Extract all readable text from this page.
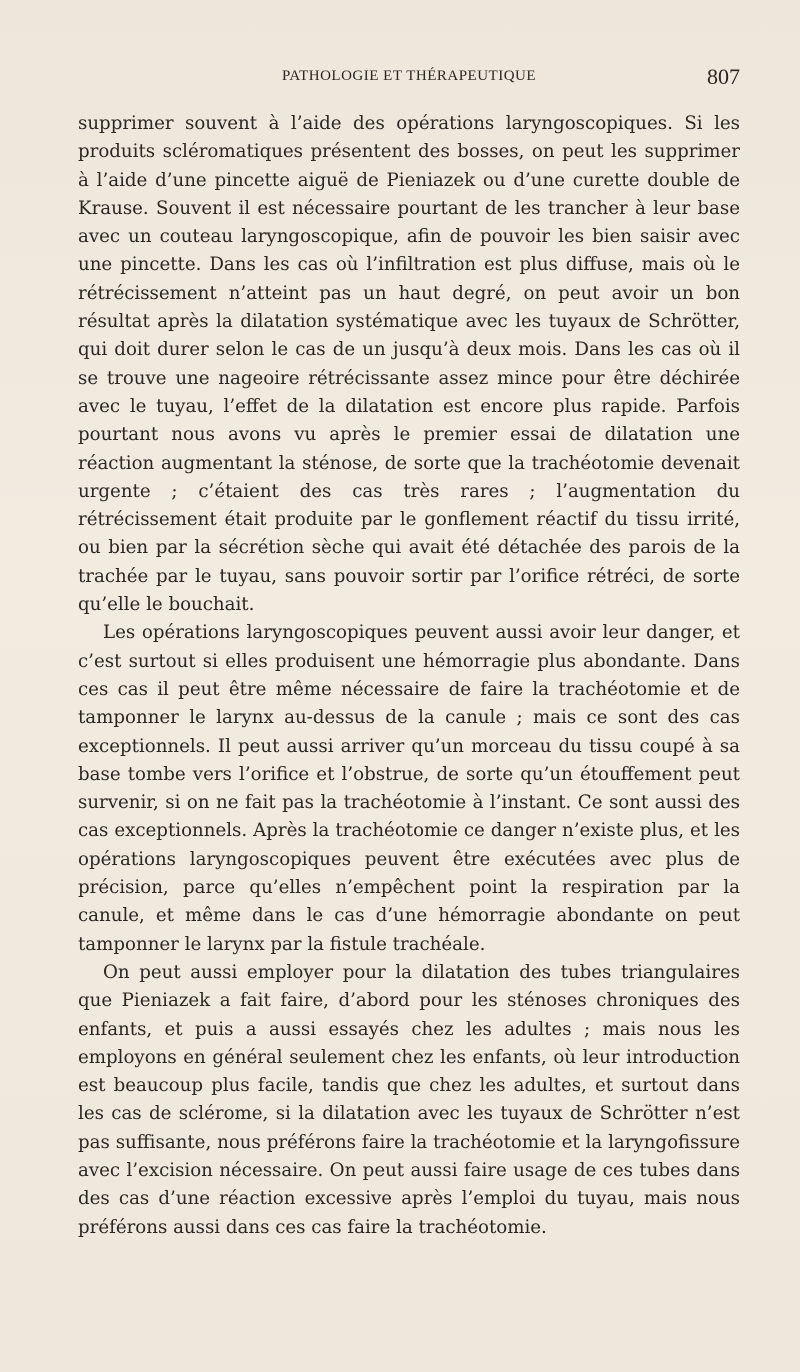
PATHOLOGIE ET THÉRAPEUTIQUE	807

supprimer souvent à l’aide des opérations laryngoscopiques. Si les produits scléromatiques présentent des bosses, on peut les supprimer à l’aide d’une pincette aiguë de Pieniazek ou d’une curette double de Krause. Souvent il est nécessaire pourtant de les trancher à leur base avec un couteau laryngoscopique, afin de pouvoir les bien saisir avec une pincette. Dans les cas où l’infiltration est plus diffuse, mais où le rétrécissement n’atteint pas un haut degré, on peut avoir un bon résultat après la dilatation systématique avec les tuyaux de Schrötter, qui doit durer selon le cas de un jusqu’à deux mois. Dans les cas où il se trouve une nageoire rétrécissante assez mince pour être déchirée avec le tuyau, l’effet de la dilatation est encore plus rapide. Parfois pourtant nous avons vu après le premier essai de dilatation une réaction augmentant la sténose, de sorte que la trachéotomie devenait urgente ; c’étaient des cas très rares ; l’augmentation du rétrécissement était produite par le gonflement réactif du tissu irrité, ou bien par la sécrétion sèche qui avait été détachée des parois de la trachée par le tuyau, sans pouvoir sortir par l’orifice rétréci, de sorte qu’elle le bouchait.

Les opérations laryngoscopiques peuvent aussi avoir leur danger, et c’est surtout si elles produisent une hémorragie plus abondante. Dans ces cas il peut être même nécessaire de faire la trachéotomie et de tamponner le larynx au-dessus de la canule ; mais ce sont des cas exceptionnels. Il peut aussi arriver qu’un morceau du tissu coupé à sa base tombe vers l’orifice et l’obstrue, de sorte qu’un étouffement peut survenir, si on ne fait pas la trachéotomie à l’instant. Ce sont aussi des cas exceptionnels. Après la trachéotomie ce danger n’existe plus, et les opérations laryngoscopiques peuvent être exécutées avec plus de précision, parce qu’elles n’empêchent point la respiration par la canule, et même dans le cas d’une hémorragie abondante on peut tamponner le larynx par la fistule trachéale.

On peut aussi employer pour la dilatation des tubes triangulaires que Pieniazek a fait faire, d’abord pour les sténoses chroniques des enfants, et puis a aussi essayés chez les adultes ; mais nous les employons en général seulement chez les enfants, où leur introduction est beaucoup plus facile, tandis que chez les adultes, et surtout dans les cas de sclérome, si la dilatation avec les tuyaux de Schrötter n’est pas suffisante, nous préférons faire la trachéotomie et la laryngofissure avec l’excision nécessaire. On peut aussi faire usage de ces tubes dans des cas d’une réaction excessive après l’emploi du tuyau, mais nous préférons aussi dans ces cas faire la trachéotomie.
